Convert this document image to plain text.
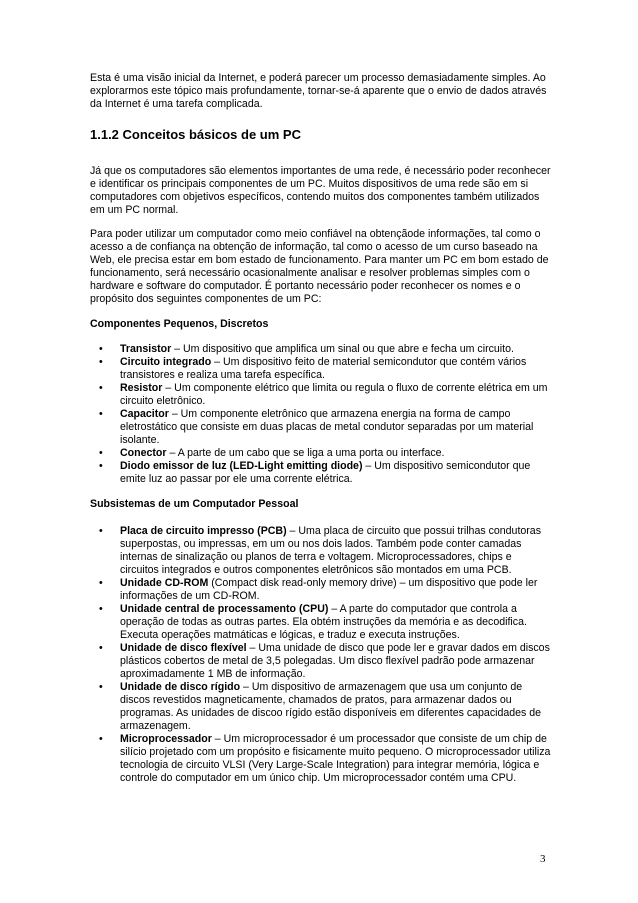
Esta é uma visão inicial da Internet, e poderá parecer um processo demasiadamente simples. Ao explorarmos este tópico mais profundamente, tornar-se-á aparente que o envio de dados através da Internet é uma tarefa complicada.

1.1.2 Conceitos básicos de um PC

Já que os computadores são elementos importantes de uma rede, é necessário poder reconhecer e identificar os principais componentes de um PC. Muitos dispositivos de uma rede são em si computadores com objetivos específicos, contendo muitos dos componentes também utilizados em um PC normal.

Para poder utilizar um computador como meio confiável na obtençãode informações, tal como o acesso a de confiança na obtenção de informação, tal como o acesso de um curso baseado na Web, ele precisa estar em bom estado de funcionamento. Para manter um PC em bom estado de funcionamento, será necessário ocasionalmente analisar e resolver problemas simples com o hardware e software do computador. É portanto necessário poder reconhecer os nomes e o propósito dos seguintes componentes de um PC:

Componentes Pequenos, Discretos
• Transistor – Um dispositivo que amplifica um sinal ou que abre e fecha um circuito.
• Circuito integrado – Um dispositivo feito de material semicondutor que contém vários transistores e realiza uma tarefa específica.
• Resistor – Um componente elétrico que limita ou regula o fluxo de corrente elétrica em um circuito eletrônico.
• Capacitor – Um componente eletrônico que armazena energia na forma de campo eletrostático que consiste em duas placas de metal condutor separadas por um material isolante.
• Conector – A parte de um cabo que se liga a uma porta ou interface.
• Diodo emissor de luz (LED-Light emitting diode) – Um dispositivo semicondutor que emite luz ao passar por ele uma corrente elétrica.
Subsistemas de um Computador Pessoal
• Placa de circuito impresso (PCB) – Uma placa de circuito que possui trilhas condutoras superpostas, ou impressas, em um ou nos dois lados. Também pode conter camadas internas de sinalização ou planos de terra e voltagem. Microprocessadores, chips e circuitos integrados e outros componentes eletrônicos são montados em uma PCB.
• Unidade CD-ROM (Compact disk read-only memory drive) – um dispositivo que pode ler informações de um CD-ROM.
• Unidade central de processamento (CPU) – A parte do computador que controla a operação de todas as outras partes. Ela obtém instruções da memória e as decodifica. Executa operações matmáticas e lógicas, e traduz e executa instruções.
• Unidade de disco flexível – Uma unidade de disco que pode ler e gravar dados em discos plásticos cobertos de metal de 3,5 polegadas. Um disco flexível padrão pode armazenar aproximadamente 1 MB de informação.
• Unidade de disco rígido – Um dispositivo de armazenagem que usa um conjunto de discos revestidos magneticamente, chamados de pratos, para armazenar dados ou programas. As unidades de discoo rígido estão disponíveis em diferentes capacidades de armazenagem.
• Microprocessador – Um microprocessador é um processador que consiste de um chip de silício projetado com um propósito e fisicamente muito pequeno. O microprocessador utiliza tecnologia de circuito VLSI (Very Large-Scale Integration) para integrar memória, lógica e controle do computador em um único chip. Um microprocessador contém uma CPU.
3
